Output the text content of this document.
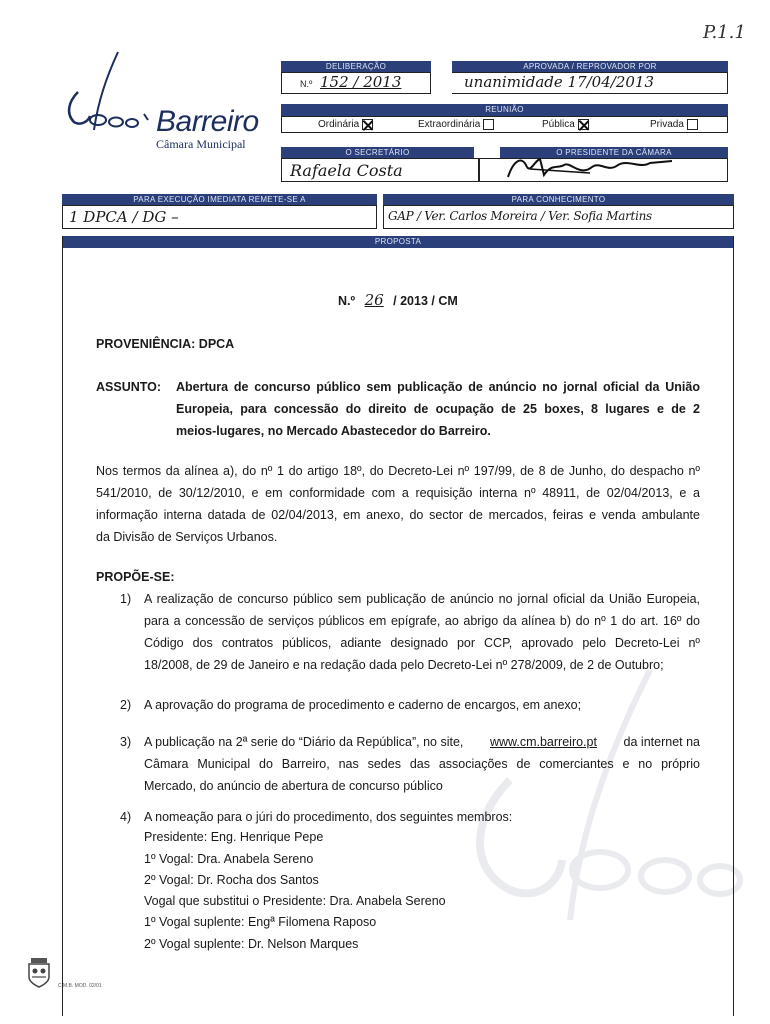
P.1.1
Barreiro
Câmara Municipal
DELIBERAÇÃO
N.º 152 / 2013
APROVADA / REPROVADOR POR
unanimidade 17/04/2013
REUNIÃO
Ordinária	Extraordinária	Pública	Privada
O SECRETÁRIO	O PRESIDENTE DA CÂMARA
Rafaela Costa
PARA EXECUÇÃO IMEDIATA REMETE-SE A	PARA CONHECIMENTO
1 DPCA / DG –	GAP / Ver. Carlos Moreira / Ver. Sofia Martins
PROPOSTA
N.º 26 / 2013 / CM
PROVENIÊNCIA: DPCA
ASSUNTO: Abertura de concurso público sem publicação de anúncio no jornal oficial da União
Europeia, para concessão do direito de ocupação de 25 boxes, 8 lugares e de 2
meios-lugares, no Mercado Abastecedor do Barreiro.
Nos termos da alínea a), do nº 1 do artigo 18º, do Decreto-Lei nº 197/99, de 8 de Junho, do despacho nº
541/2010, de 30/12/2010, e em conformidade com a requisição interna nº 48911, de 02/04/2013, e a
informação interna datada de 02/04/2013, em anexo, do sector de mercados, feiras e venda ambulante
da Divisão de Serviços Urbanos.
PROPÕE-SE:
1) A realização de concurso público sem publicação de anúncio no jornal oficial da União Europeia,
para a concessão de serviços públicos em epígrafe, ao abrigo da alínea b) do nº 1 do art. 16º do
Código dos contratos públicos, adiante designado por CCP, aprovado pelo Decreto-Lei nº
18/2008, de 29 de Janeiro e na redação dada pelo Decreto-Lei nº 278/2009, de 2 de Outubro;
2) A aprovação do programa de procedimento e caderno de encargos, em anexo;
3) A publicação na 2ª serie do “Diário da República”, no site, www.cm.barreiro.pt da internet na
Câmara Municipal do Barreiro, nas sedes das associações de comerciantes e no próprio
Mercado, do anúncio de abertura de concurso público
4) A nomeação para o júri do procedimento, dos seguintes membros:
Presidente: Eng. Henrique Pepe
1º Vogal: Dra. Anabela Sereno
2º Vogal: Dr. Rocha dos Santos
Vogal que substitui o Presidente: Dra. Anabela Sereno
1º Vogal suplente: Engª Filomena Raposo
2º Vogal suplente: Dr. Nelson Marques
C.M.B. MOD. 02/01
